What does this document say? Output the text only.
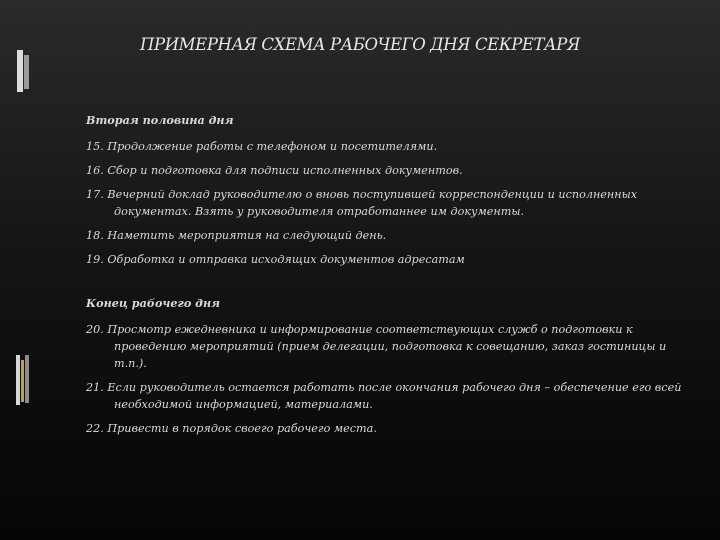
ПРИМЕРНАЯ СХЕМА РАБОЧЕГО ДНЯ СЕКРЕТАРЯ
Вторая половина дня
15. Продолжение работы с телефоном и посетителями.
16. Сбор и подготовка для подписи исполненных документов.
17. Вечерний доклад руководителю о вновь поступившей корреспонденции и исполненных документах. Взять у руководителя отработаннее им документы.
18. Наметить мероприятия на следующий день.
19. Обработка и отправка исходящих документов адресатам
Конец рабочего дня
20. Просмотр ежедневника и информирование соответствующих служб о подготовки к проведению мероприятий (прием делегации, подготовка к совещанию, заказ гостиницы и т.п.).
21. Если руководитель остается работать после окончания рабочего дня – обеспечение его всей необходимой информацией, материалами.
22. Привести в порядок своего рабочего места.
